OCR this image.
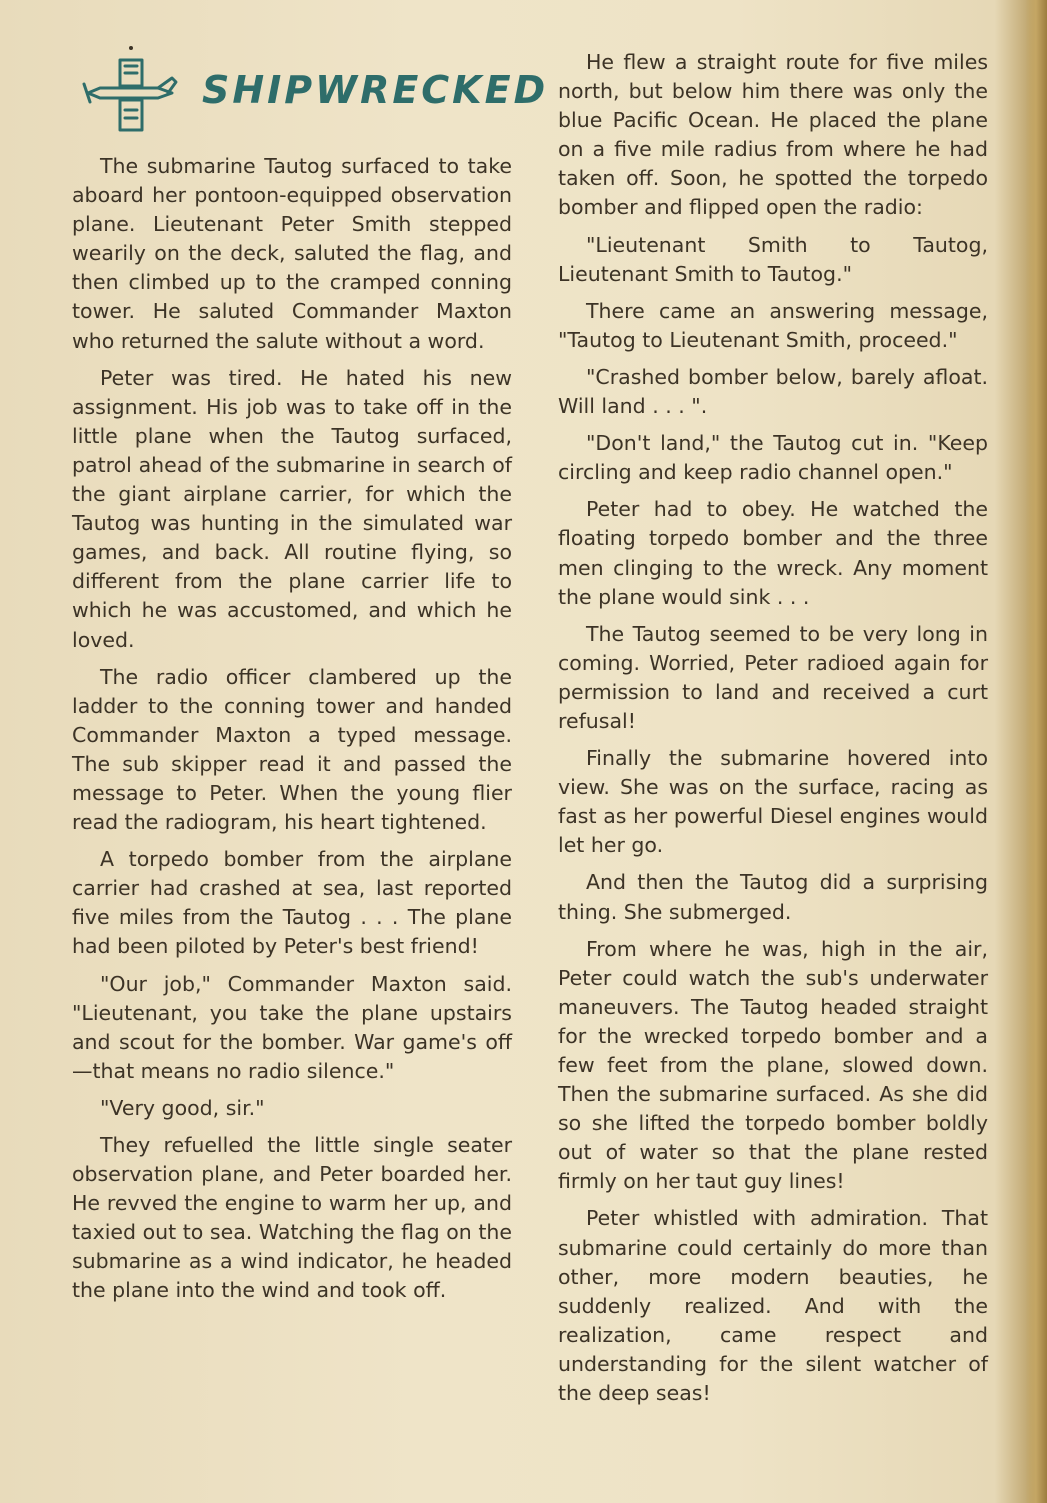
SHIPWRECKED

The submarine Tautog surfaced to take aboard her pontoon-equipped observation plane. Lieutenant Peter Smith stepped wearily on the deck, saluted the flag, and then climbed up to the cramped conning tower. He saluted Commander Maxton who returned the salute without a word.

Peter was tired. He hated his new assignment. His job was to take off in the little plane when the Tautog surfaced, patrol ahead of the submarine in search of the giant airplane carrier, for which the Tautog was hunting in the simulated war games, and back. All routine flying, so different from the plane carrier life to which he was accustomed, and which he loved.

The radio officer clambered up the ladder to the conning tower and handed Commander Maxton a typed message. The sub skipper read it and passed the message to Peter. When the young flier read the radiogram, his heart tightened.

A torpedo bomber from the airplane carrier had crashed at sea, last reported five miles from the Tautog . . . The plane had been piloted by Peter's best friend!

"Our job," Commander Maxton said. "Lieutenant, you take the plane upstairs and scout for the bomber. War game's off—that means no radio silence."

"Very good, sir."

They refuelled the little single seater observation plane, and Peter boarded her. He revved the engine to warm her up, and taxied out to sea. Watching the flag on the submarine as a wind indicator, he headed the plane into the wind and took off.

He flew a straight route for five miles north, but below him there was only the blue Pacific Ocean. He placed the plane on a five mile radius from where he had taken off. Soon, he spotted the torpedo bomber and flipped open the radio:

"Lieutenant Smith to Tautog, Lieutenant Smith to Tautog."

There came an answering message, "Tautog to Lieutenant Smith, proceed."

"Crashed bomber below, barely afloat. Will land . . . ".

"Don't land," the Tautog cut in. "Keep circling and keep radio channel open."

Peter had to obey. He watched the floating torpedo bomber and the three men clinging to the wreck. Any moment the plane would sink . . .

The Tautog seemed to be very long in coming. Worried, Peter radioed again for permission to land and received a curt refusal!

Finally the submarine hovered into view. She was on the surface, racing as fast as her powerful Diesel engines would let her go.

And then the Tautog did a surprising thing. She submerged.

From where he was, high in the air, Peter could watch the sub's underwater maneuvers. The Tautog headed straight for the wrecked torpedo bomber and a few feet from the plane, slowed down. Then the submarine surfaced. As she did so she lifted the torpedo bomber boldly out of water so that the plane rested firmly on her taut guy lines!

Peter whistled with admiration. That submarine could certainly do more than other, more modern beauties, he suddenly realized. And with the realization, came respect and understanding for the silent watcher of the deep seas!
